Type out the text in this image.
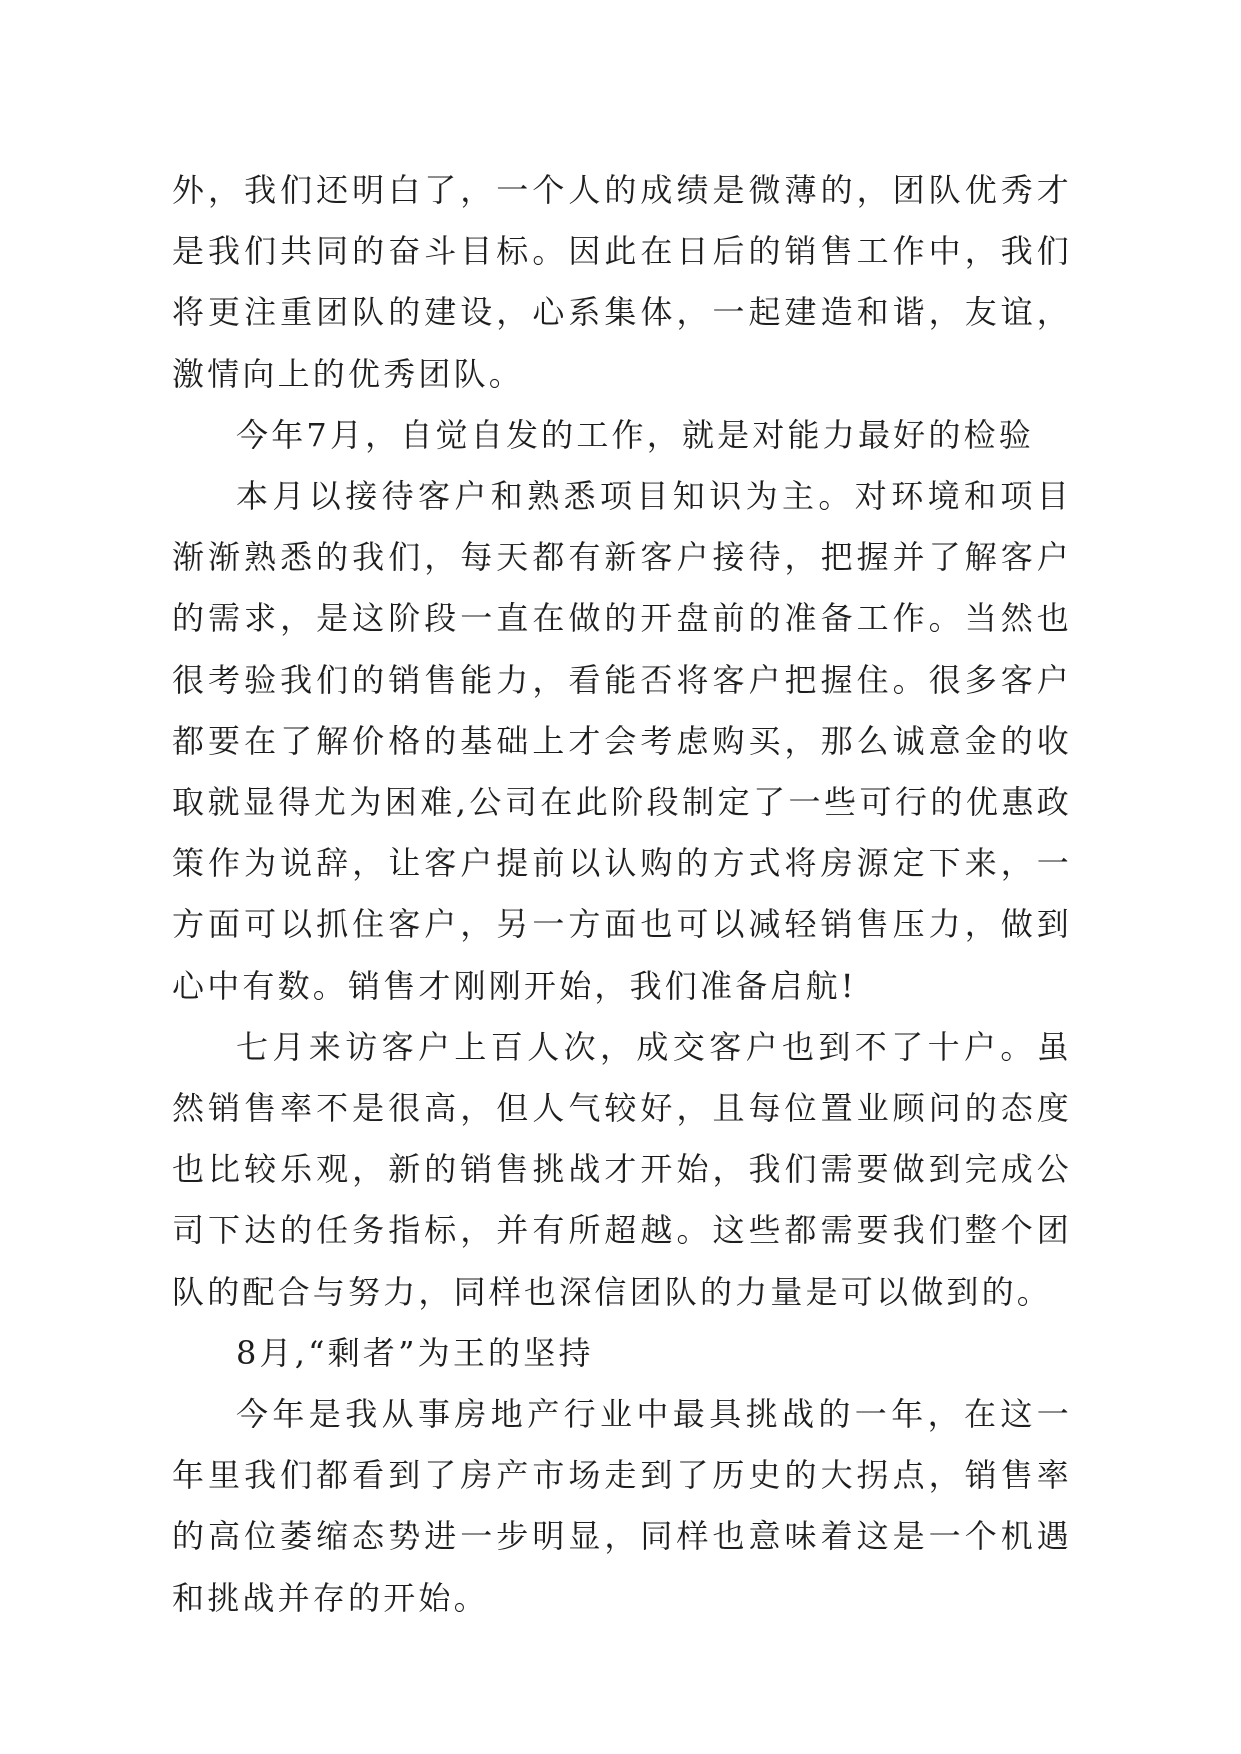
外，我们还明白了，一个人的成绩是微薄的，团队优秀才是我们共同的奋斗目标。因此在日后的销售工作中，我们将更注重团队的建设，心系集体，一起建造和谐，友谊，激情向上的优秀团队。

今年7月，自觉自发的工作，就是对能力最好的检验

本月以接待客户和熟悉项目知识为主。对环境和项目渐渐熟悉的我们，每天都有新客户接待，把握并了解客户的需求，是这阶段一直在做的开盘前的准备工作。当然也很考验我们的销售能力，看能否将客户把握住。很多客户都要在了解价格的基础上才会考虑购买，那么诚意金的收取就显得尤为困难,公司在此阶段制定了一些可行的优惠政策作为说辞，让客户提前以认购的方式将房源定下来，一方面可以抓住客户，另一方面也可以减轻销售压力，做到心中有数。销售才刚刚开始，我们准备启航!

七月来访客户上百人次，成交客户也到不了十户。虽然销售率不是很高，但人气较好，且每位置业顾问的态度也比较乐观，新的销售挑战才开始，我们需要做到完成公司下达的任务指标，并有所超越。这些都需要我们整个团队的配合与努力，同样也深信团队的力量是可以做到的。

8月,“剩者”为王的坚持

今年是我从事房地产行业中最具挑战的一年，在这一年里我们都看到了房产市场走到了历史的大拐点，销售率的高位萎缩态势进一步明显，同样也意味着这是一个机遇和挑战并存的开始。
